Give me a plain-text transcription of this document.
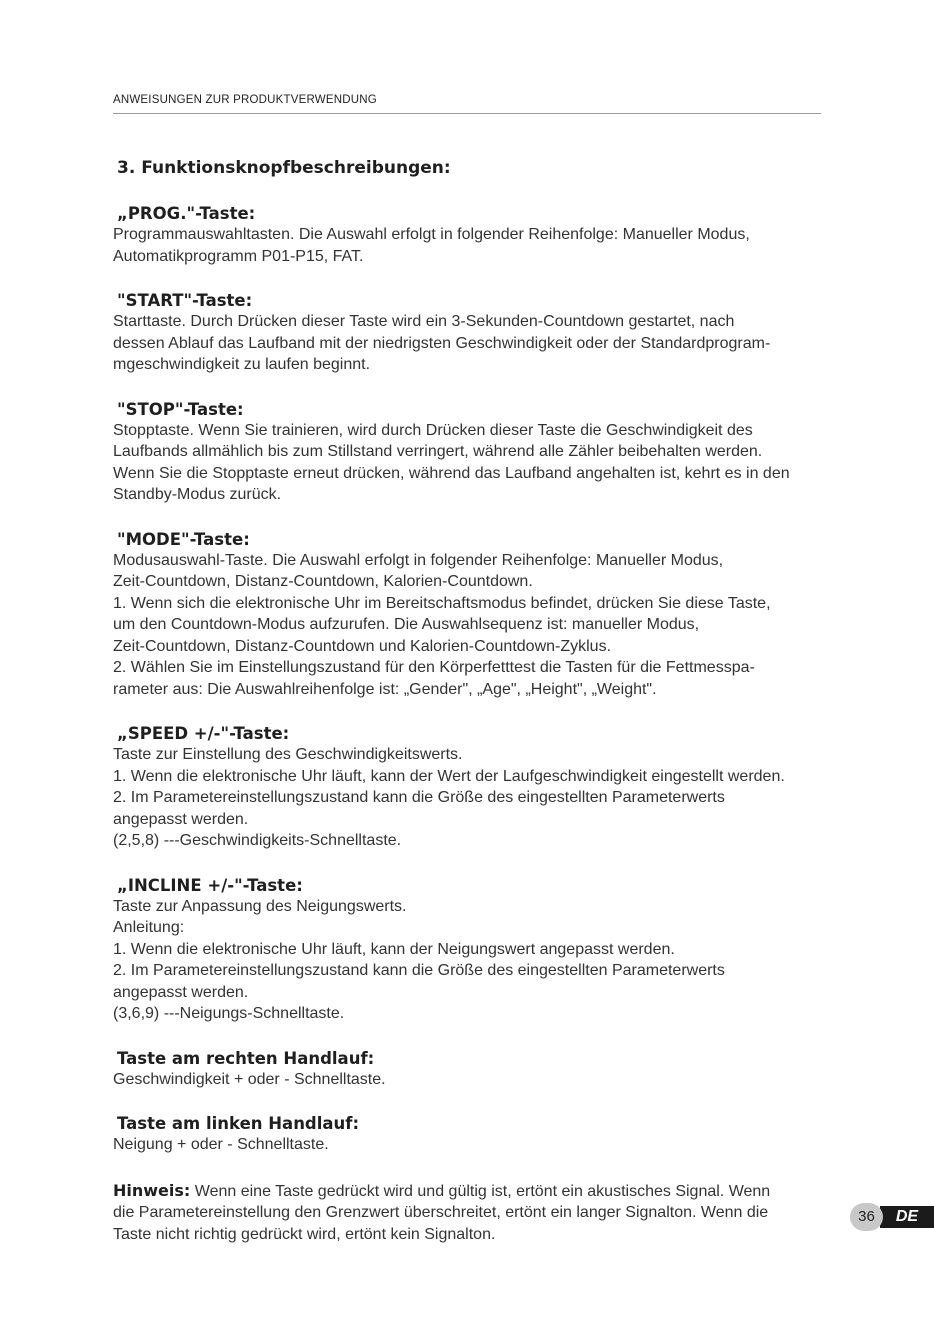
ANWEISUNGEN ZUR PRODUKTVERWENDUNG
3. Funktionsknopfbeschreibungen:
„PROG."-Taste:
Programmauswahltasten. Die Auswahl erfolgt in folgender Reihenfolge: Manueller Modus,
Automatikprogramm P01-P15, FAT.
"START"-Taste:
Starttaste. Durch Drücken dieser Taste wird ein 3-Sekunden-Countdown gestartet, nach
dessen Ablauf das Laufband mit der niedrigsten Geschwindigkeit oder der Standardprogram-
mgeschwindigkeit zu laufen beginnt.
"STOP"-Taste:
Stopptaste. Wenn Sie trainieren, wird durch Drücken dieser Taste die Geschwindigkeit des
Laufbands allmählich bis zum Stillstand verringert, während alle Zähler beibehalten werden.
Wenn Sie die Stopptaste erneut drücken, während das Laufband angehalten ist, kehrt es in den
Standby-Modus zurück.
"MODE"-Taste:
Modusauswahl-Taste. Die Auswahl erfolgt in folgender Reihenfolge: Manueller Modus,
Zeit-Countdown, Distanz-Countdown, Kalorien-Countdown.
1. Wenn sich die elektronische Uhr im Bereitschaftsmodus befindet, drücken Sie diese Taste,
um den Countdown-Modus aufzurufen. Die Auswahlsequenz ist: manueller Modus,
Zeit-Countdown, Distanz-Countdown und Kalorien-Countdown-Zyklus.
2. Wählen Sie im Einstellungszustand für den Körperfetttest die Tasten für die Fettmesspa-
rameter aus: Die Auswahlreihenfolge ist: „Gender", „Age", „Height", „Weight".
„SPEED +/-"-Taste:
Taste zur Einstellung des Geschwindigkeitswerts.
1. Wenn die elektronische Uhr läuft, kann der Wert der Laufgeschwindigkeit eingestellt werden.
2. Im Parametereinstellungszustand kann die Größe des eingestellten Parameterwerts
angepasst werden.
(2,5,8) ---Geschwindigkeits-Schnelltaste.
„INCLINE +/-"-Taste:
Taste zur Anpassung des Neigungswerts.
Anleitung:
1. Wenn die elektronische Uhr läuft, kann der Neigungswert angepasst werden.
2. Im Parametereinstellungszustand kann die Größe des eingestellten Parameterwerts
angepasst werden.
(3,6,9) ---Neigungs-Schnelltaste.
Taste am rechten Handlauf:
Geschwindigkeit + oder - Schnelltaste.
Taste am linken Handlauf:
Neigung + oder - Schnelltaste.
Hinweis: Wenn eine Taste gedrückt wird und gültig ist, ertönt ein akustisches Signal. Wenn
die Parametereinstellung den Grenzwert überschreitet, ertönt ein langer Signalton. Wenn die
Taste nicht richtig gedrückt wird, ertönt kein Signalton.
DE
36
